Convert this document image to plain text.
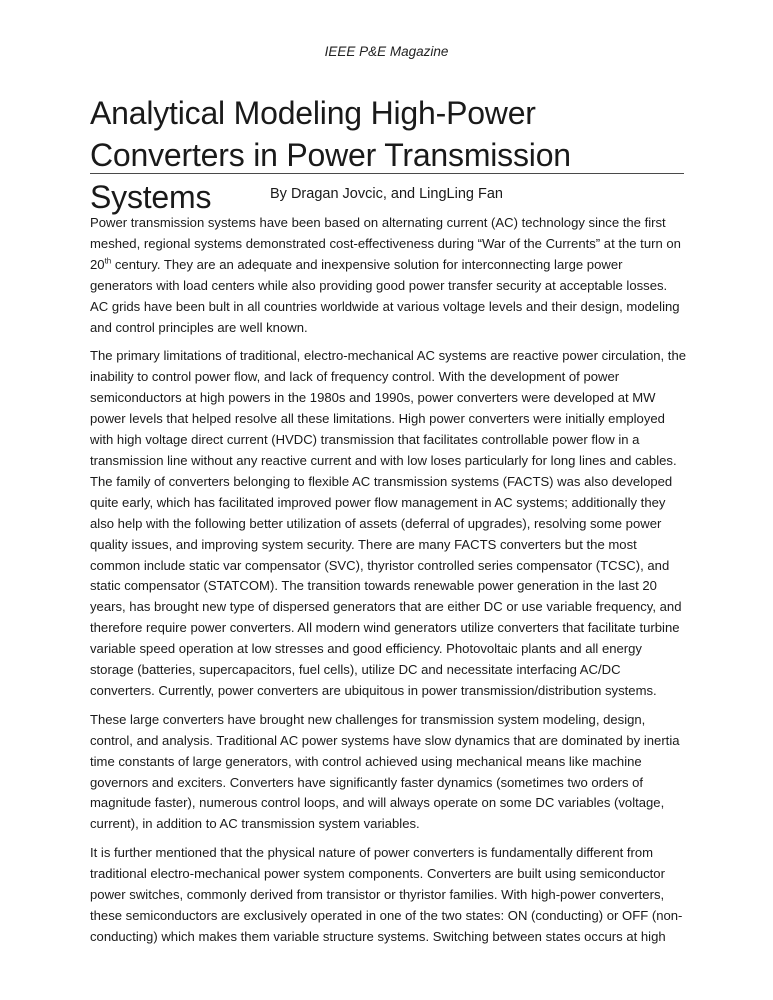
IEEE P&E Magazine
Analytical Modeling High-Power Converters in Power Transmission Systems	By Dragan Jovcic, and LingLing Fan

Power transmission systems have been based on alternating current (AC) technology since the first meshed, regional systems demonstrated cost-effectiveness during “War of the Currents” at the turn on 20th century. They are an adequate and inexpensive solution for interconnecting large power generators with load centers while also providing good power transfer security at acceptable losses. AC grids have been bult in all countries worldwide at various voltage levels and their design, modeling and control principles are well known.

The primary limitations of traditional, electro-mechanical AC systems are reactive power circulation, the inability to control power flow, and lack of frequency control. With the development of power semiconductors at high powers in the 1980s and 1990s, power converters were developed at MW power levels that helped resolve all these limitations. High power converters were initially employed with high voltage direct current (HVDC) transmission that facilitates controllable power flow in a transmission line without any reactive current and with low loses particularly for long lines and cables. The family of converters belonging to flexible AC transmission systems (FACTS) was also developed quite early, which has facilitated improved power flow management in AC systems; additionally they also help with the following better utilization of assets (deferral of upgrades), resolving some power quality issues, and improving system security. There are many FACTS converters but the most common include static var compensator (SVC), thyristor controlled series compensator (TCSC), and static compensator (STATCOM). The transition towards renewable power generation in the last 20 years, has brought new type of dispersed generators that are either DC or use variable frequency, and therefore require power converters. All modern wind generators utilize converters that facilitate turbine variable speed operation at low stresses and good efficiency. Photovoltaic plants and all energy storage (batteries, supercapacitors, fuel cells), utilize DC and necessitate interfacing AC/DC converters. Currently, power converters are ubiquitous in power transmission/distribution systems.

These large converters have brought new challenges for transmission system modeling, design, control, and analysis. Traditional AC power systems have slow dynamics that are dominated by inertia time constants of large generators, with control achieved using mechanical means like machine governors and exciters. Converters have significantly faster dynamics (sometimes two orders of magnitude faster), numerous control loops, and will always operate on some DC variables (voltage, current), in addition to AC transmission system variables.

It is further mentioned that the physical nature of power converters is fundamentally different from traditional electro-mechanical power system components. Converters are built using semiconductor power switches, commonly derived from transistor or thyristor families. With high-power converters, these semiconductors are exclusively operated in one of the two states: ON (conducting) or OFF (non-conducting) which makes them variable structure systems. Switching between states occurs at high
